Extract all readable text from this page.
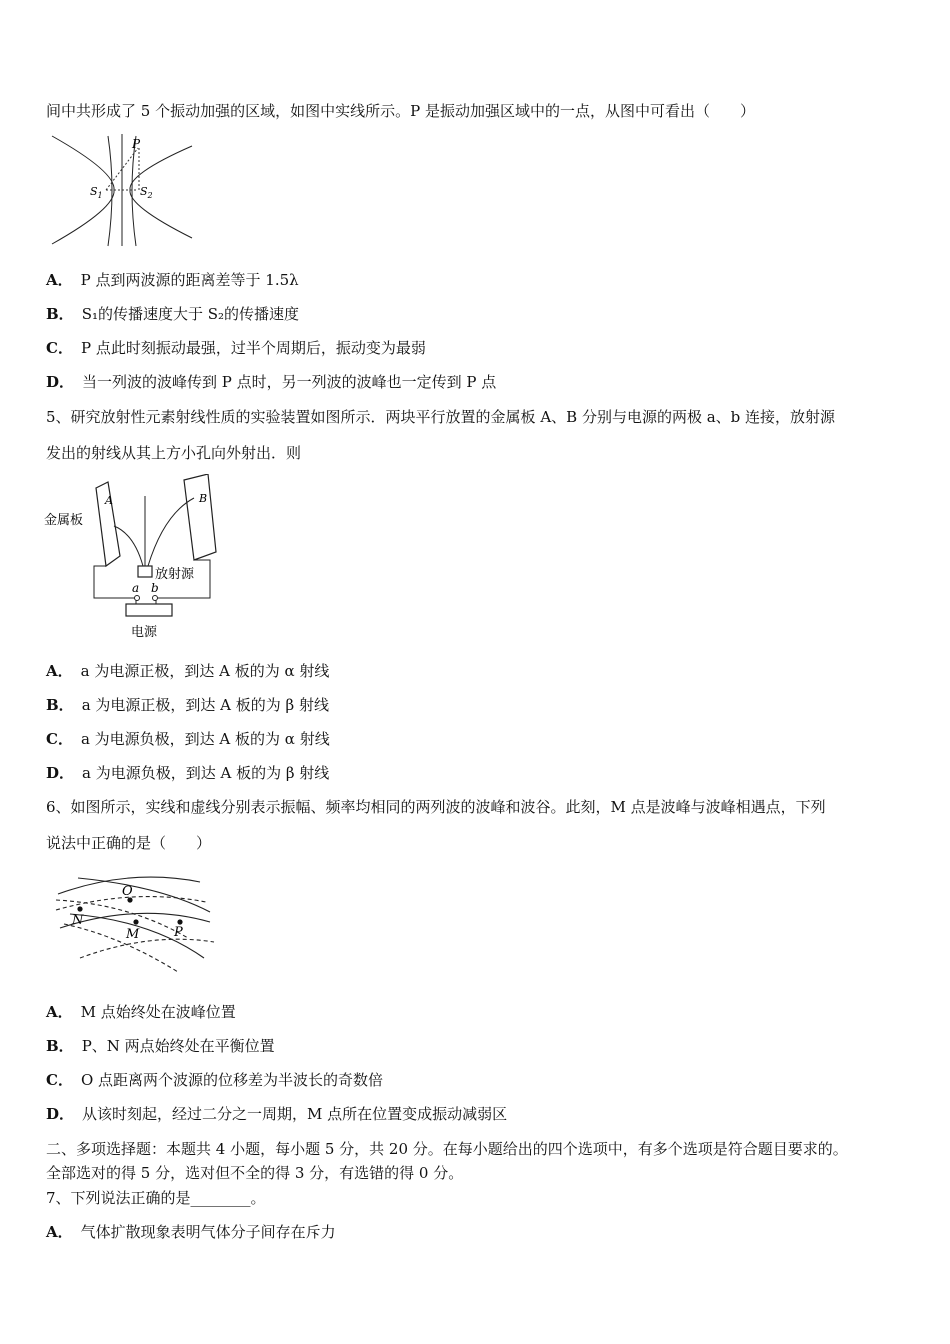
间中共形成了 5 个振动加强的区域，如图中实线所示。P 是振动加强区域中的一点，从图中可看出（　　）
P
$S_1$	$S_2$
A． P 点到两波源的距离差等于 1.5λ
B． S₁的传播速度大于 S₂的传播速度
C． P 点此时刻振动最强，过半个周期后，振动变为最弱
D． 当一列波的波峰传到 P 点时，另一列波的波峰也一定传到 P 点
5、研究放射性元素射线性质的实验装置如图所示．两块平行放置的金属板 A、B 分别与电源的两极 a、b 连接，放射源
发出的射线从其上方小孔向外射出．则
金属板
A	B
放射源
a b
电源
A． a 为电源正极，到达 A 板的为 α 射线
B． a 为电源正极，到达 A 板的为 β 射线
C． a 为电源负极，到达 A 板的为 α 射线
D． a 为电源负极，到达 A 板的为 β 射线
6、如图所示，实线和虚线分别表示振幅、频率均相同的两列波的波峰和波谷。此刻，M 点是波峰与波峰相遇点，下列
说法中正确的是（　　）
O
N
M	P
A． M 点始终处在波峰位置
B． P、N 两点始终处在平衡位置
C． O 点距离两个波源的位移差为半波长的奇数倍
D． 从该时刻起，经过二分之一周期，M 点所在位置变成振动减弱区
二、多项选择题：本题共 4 小题，每小题 5 分，共 20 分。在每小题给出的四个选项中，有多个选项是符合题目要求的。
全部选对的得 5 分，选对但不全的得 3 分，有选错的得 0 分。
7、下列说法正确的是________。
A． 气体扩散现象表明气体分子间存在斥力
